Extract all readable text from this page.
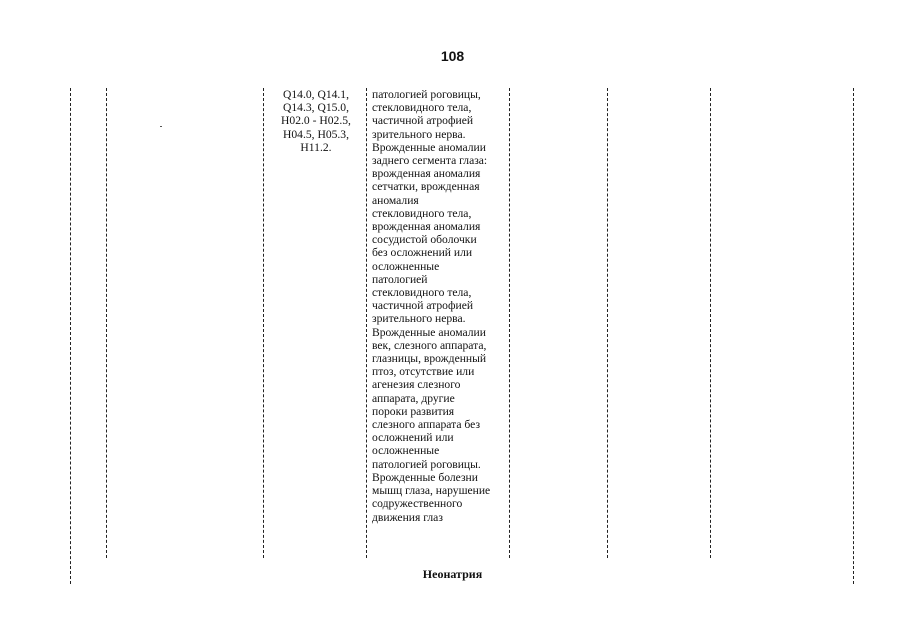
108
Q14.0, Q14.1,
Q14.3, Q15.0,
H02.0 - H02.5,
H04.5, H05.3,
H11.2.
патологией роговицы,
стекловидного тела,
частичной атрофией
зрительного нерва.
Врожденные аномалии
заднего сегмента глаза:
врожденная аномалия
сетчатки, врожденная
аномалия
стекловидного тела,
врожденная аномалия
сосудистой оболочки
без осложнений или
осложненные
патологией
стекловидного тела,
частичной атрофией
зрительного нерва.
Врожденные аномалии
век, слезного аппарата,
глазницы, врожденный
птоз, отсутствие или
агенезия слезного
аппарата, другие
пороки развития
слезного аппарата без
осложнений или
осложненные
патологией роговицы.
Врожденные болезни
мышц глаза, нарушение
содружественного
движения глаз
Неонатрия
